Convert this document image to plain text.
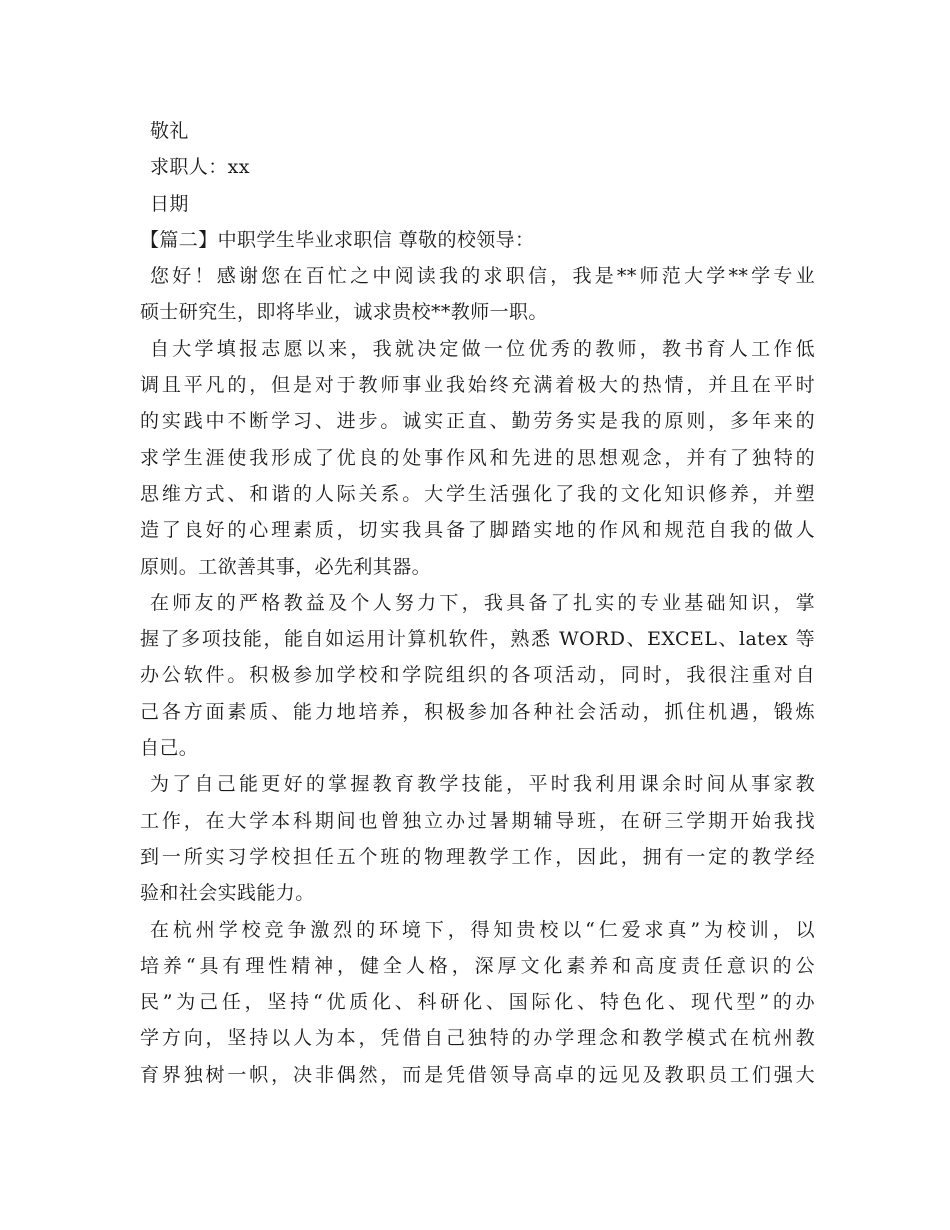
敬礼
求职人：xx
日期
【篇二】中职学生毕业求职信 尊敬的校领导：
您好！感谢您在百忙之中阅读我的求职信，我是**师范大学**学专业
硕士研究生，即将毕业，诚求贵校**教师一职。
自大学填报志愿以来，我就决定做一位优秀的教师，教书育人工作低
调且平凡的，但是对于教师事业我始终充满着极大的热情，并且在平时
的实践中不断学习、进步。诚实正直、勤劳务实是我的原则，多年来的
求学生涯使我形成了优良的处事作风和先进的思想观念，并有了独特的
思维方式、和谐的人际关系。大学生活强化了我的文化知识修养，并塑
造了良好的心理素质，切实我具备了脚踏实地的作风和规范自我的做人
原则。工欲善其事，必先利其器。
在师友的严格教益及个人努力下，我具备了扎实的专业基础知识，掌
握了多项技能，能自如运用计算机软件，熟悉 WORD、EXCEL、latex 等
办公软件。积极参加学校和学院组织的各项活动，同时，我很注重对自
己各方面素质、能力地培养，积极参加各种社会活动，抓住机遇，锻炼
自己。
为了自己能更好的掌握教育教学技能，平时我利用课余时间从事家教
工作，在大学本科期间也曾独立办过暑期辅导班，在研三学期开始我找
到一所实习学校担任五个班的物理教学工作，因此，拥有一定的教学经
验和社会实践能力。
在杭州学校竞争激烈的环境下，得知贵校以“仁爱求真”为校训，以
培养“具有理性精神，健全人格，深厚文化素养和高度责任意识的公
民”为己任，坚持“优质化、科研化、国际化、特色化、现代型”的办
学方向，坚持以人为本，凭借自己独特的办学理念和教学模式在杭州教
育界独树一帜，决非偶然，而是凭借领导高卓的远见及教职员工们强大
